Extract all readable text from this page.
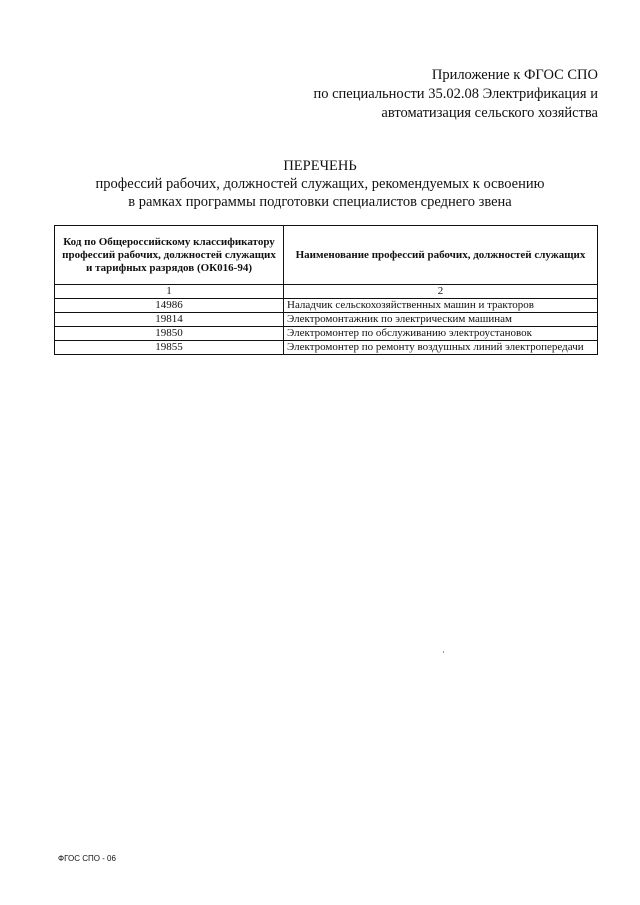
Приложение к ФГОС СПО
по специальности 35.02.08 Электрификация и
автоматизация сельского хозяйства
ПЕРЕЧЕНЬ
профессий рабочих, должностей служащих, рекомендуемых к освоению
в рамках программы подготовки специалистов среднего звена
Код по Общероссийскому классификатору профессий рабочих, должностей служащих и тарифных разрядов (ОК016-94)	Наименование профессий рабочих, должностей служащих
1	2
14986	Наладчик сельскохозяйственных машин и тракторов
19814	Электромонтажник по электрическим машинам
19850	Электромонтер по обслуживанию электроустановок
19855	Электромонтер по ремонту воздушных линий электропередачи
ФГОС СПО - 06
